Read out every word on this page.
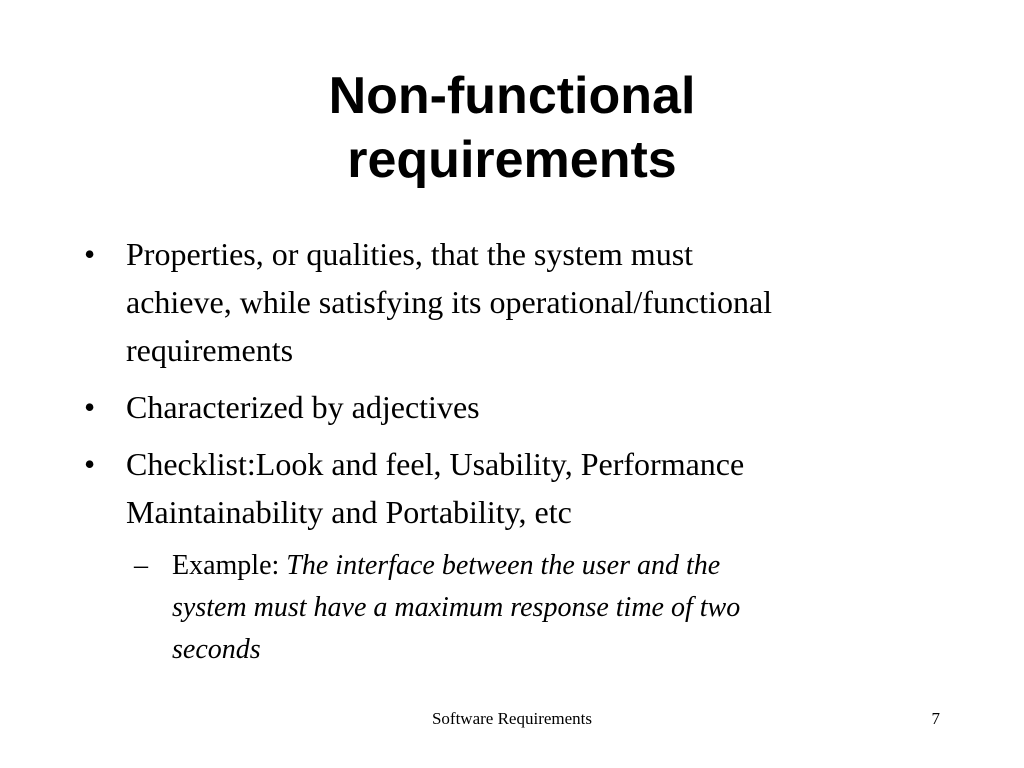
Non-functional
requirements
• Properties, or qualities, that the system must
achieve, while satisfying its operational/functional
requirements
• Characterized by adjectives
• Checklist:Look and feel, Usability, Performance
Maintainability and Portability, etc
– Example: The interface between the user and the
system must have a maximum response time of two
seconds
Software Requirements	7
